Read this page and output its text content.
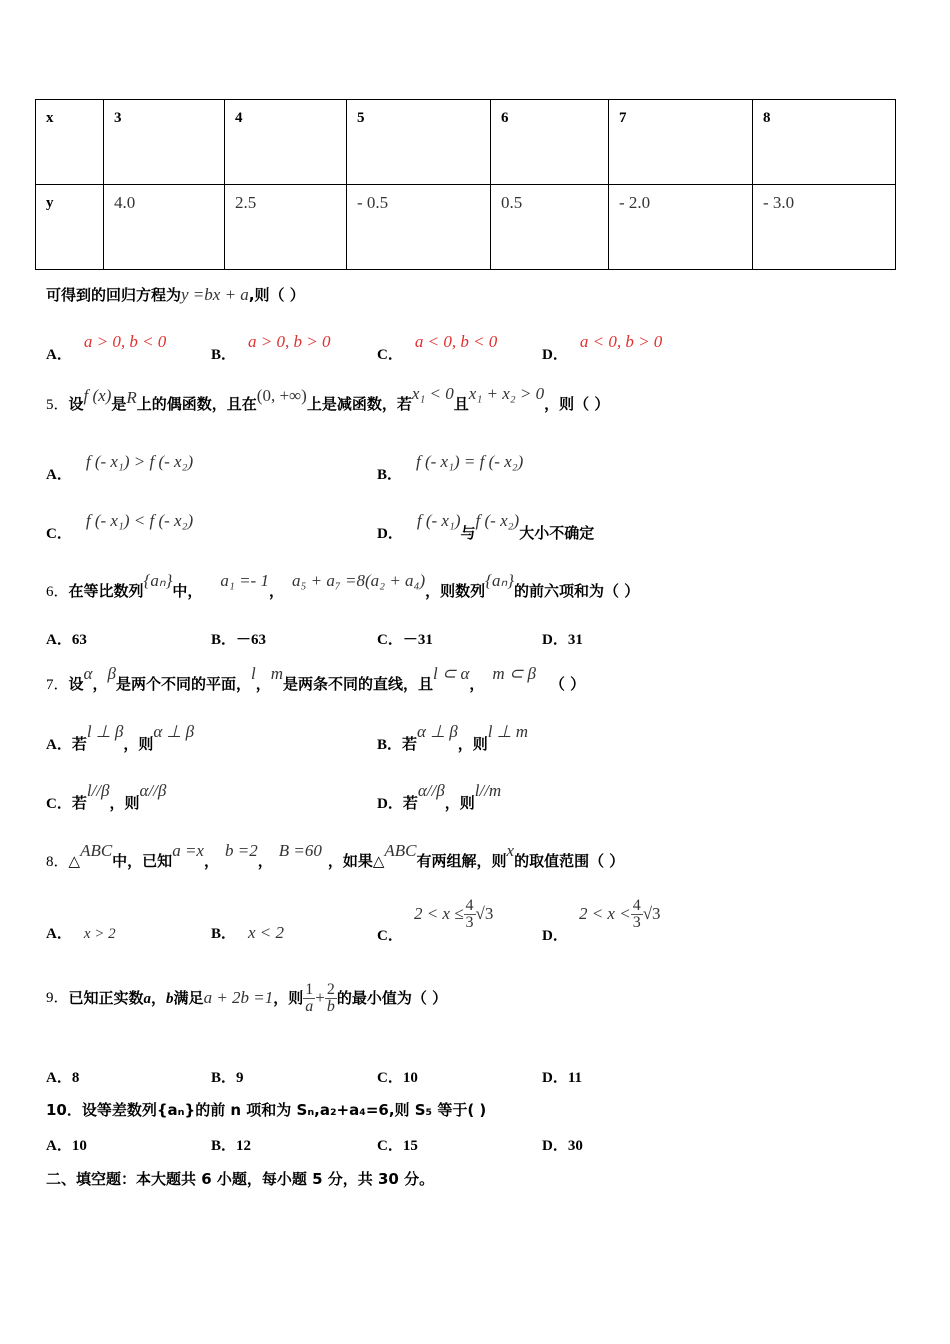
x	3	4	5	6	7	8

y	4.0	2.5	- 0.5	0.5	- 2.0	- 3.0
可得到的回归方程为y =bx + a,则（ ）
A．a > 0, b < 0
B．a > 0, b > 0
C．a < 0, b < 0
D．a < 0, b > 0
5．设f (x)是R上的偶函数，且在(0, +∞)上是减函数，若x₁ < 0且x₁ + x₂ > 0，则（ ）
A．f (- x₁) > f (- x₂)
B．f (- x₁) = f (- x₂)
C．f (- x₁) < f (- x₂)
D．f (- x₁)与f (- x₂)大小不确定
6．在等比数列{aₙ}中，a₁ =- 1，a₅ + a₇ =8(a₂ + a₄)，则数列{aₙ}的前六项和为（ ）
A．63	B．－63	C．－31	D．31
7．设α，β是两个不同的平面，l，m是两条不同的直线，且l ⊂ α，m ⊂ β（ ）
A．若l ⊥ β，则α ⊥ β
B．若α ⊥ β，则l ⊥ m
C．若l//β，则α//β
D．若α//β，则l//m
8．△ABC中，已知a =x，b =2，B =60，如果△ABC有两组解，则x的取值范围（ ）
A． x > 2	B． x < 2	C． $2 < x \le \frac{4}{3} √3$
D． $2 < x < \frac{4}{3} √3$
9．已知正实数a，b满足a + 2b =1，则 $\frac{1}{a} + \frac{2}{b}$ 的最小值为（ ）
A．8	B．9	C．10	D．11
10．设等差数列{aₙ}的前 n 项和为 Sₙ,a₂+a₄=6,则 S₅ 等于( )
A．10	B．12	C．15	D．30
二、填空题：本大题共 6 小题，每小题 5 分，共 30 分。
